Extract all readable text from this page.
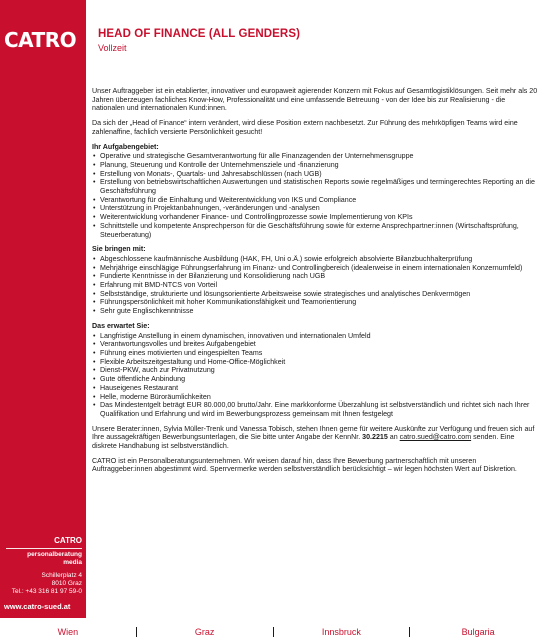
CATRO
CATRO
personalberatung
media
Schillerplatz 4
8010 Graz
Tel.: +43 316 81 97 59-0
www.catro-sued.at
HEAD OF FINANCE (ALL GENDERS)
Vollzeit

Unser Auftraggeber ist ein etablierter, innovativer und europaweit agierender Konzern mit Fokus auf Gesamtlogistiklösungen. Seit mehr als 20 Jahren überzeugen fachliches Know-How, Professionalität und eine umfassende Betreuung - von der Idee bis zur Realisierung - die nationalen und internationalen Kund:innen.

Da sich der „Head of Finance“ intern verändert, wird diese Position extern nachbesetzt. Zur Führung des mehrköpfigen Teams wird eine zahlenaffine, fachlich versierte Persönlichkeit gesucht!

Ihr Aufgabengebiet:
• Operative und strategische Gesamtverantwortung für alle Finanzagenden der Unternehmensgruppe
• Planung, Steuerung und Kontrolle der Unternehmensziele und -finanzierung
• Erstellung von Monats-, Quartals- und Jahresabschlüssen (nach UGB)
• Erstellung von betriebswirtschaftlichen Auswertungen und statistischen Reports sowie regelmäßiges und termingerechtes Reporting an die Geschäftsführung
• Verantwortung für die Einhaltung und Weiterentwicklung von IKS und Compliance
• Unterstützung in Projektanbahnungen, -veränderungen und -analysen
• Weiterentwicklung vorhandener Finance- und Controllingprozesse sowie Implementierung von KPIs
• Schnittstelle und kompetente Ansprechperson für die Geschäftsführung sowie für externe Ansprechpartner:innen (Wirtschaftsprüfung, Steuerberatung)
Sie bringen mit:
• Abgeschlossene kaufmännische Ausbildung (HAK, FH, Uni o.Ä.) sowie erfolgreich absolvierte Bilanzbuchhalterprüfung
• Mehrjährige einschlägige Führungserfahrung im Finanz- und Controllingbereich (idealerweise in einem internationalen Konzernumfeld)
• Fundierte Kenntnisse in der Bilanzierung und Konsolidierung nach UGB
• Erfahrung mit BMD-NTCS von Vorteil
• Selbstständige, strukturierte und lösungsorientierte Arbeitsweise sowie strategisches und analytisches Denkvermögen
• Führungspersönlichkeit mit hoher Kommunikationsfähigkeit und Teamorientierung
• Sehr gute Englischkenntnisse
Das erwartet Sie:
• Langfristige Anstellung in einem dynamischen, innovativen und internationalen Umfeld
• Verantwortungsvolles und breites Aufgabengebiet
• Führung eines motivierten und eingespielten Teams
• Flexible Arbeitszeitgestaltung und Home-Office-Möglichkeit
• Dienst-PKW, auch zur Privatnutzung
• Gute öffentliche Anbindung
• Hauseigenes Restaurant
• Helle, moderne Büroräumlichkeiten
• Das Mindestentgelt beträgt EUR 80.000,00 brutto/Jahr. Eine markkonforme Überzahlung ist selbstverständlich und richtet sich nach Ihrer Qualifikation und Erfahrung und wird im Bewerbungsprozess gemeinsam mit Ihnen festgelegt

Unsere Berater:innen, Sylvia Müller-Trenk und Vanessa Tobisch, stehen Ihnen gerne für weitere Auskünfte zur Verfügung und freuen sich auf Ihre aussagekräftigen Bewerbungsunterlagen, die Sie bitte unter Angabe der KennNr. 30.2215 an catro.sued@catro.com senden. Eine diskrete Handhabung ist selbstverständlich.

CATRO ist ein Personalberatungsunternehmen. Wir weisen darauf hin, dass Ihre Bewerbung partnerschaftlich mit unseren Auftraggeber:innen abgestimmt wird. Sperrvermerke werden selbstverständlich berücksichtigt – wir legen höchsten Wert auf Diskretion.

Wien	Graz	Innsbruck	Bulgaria
